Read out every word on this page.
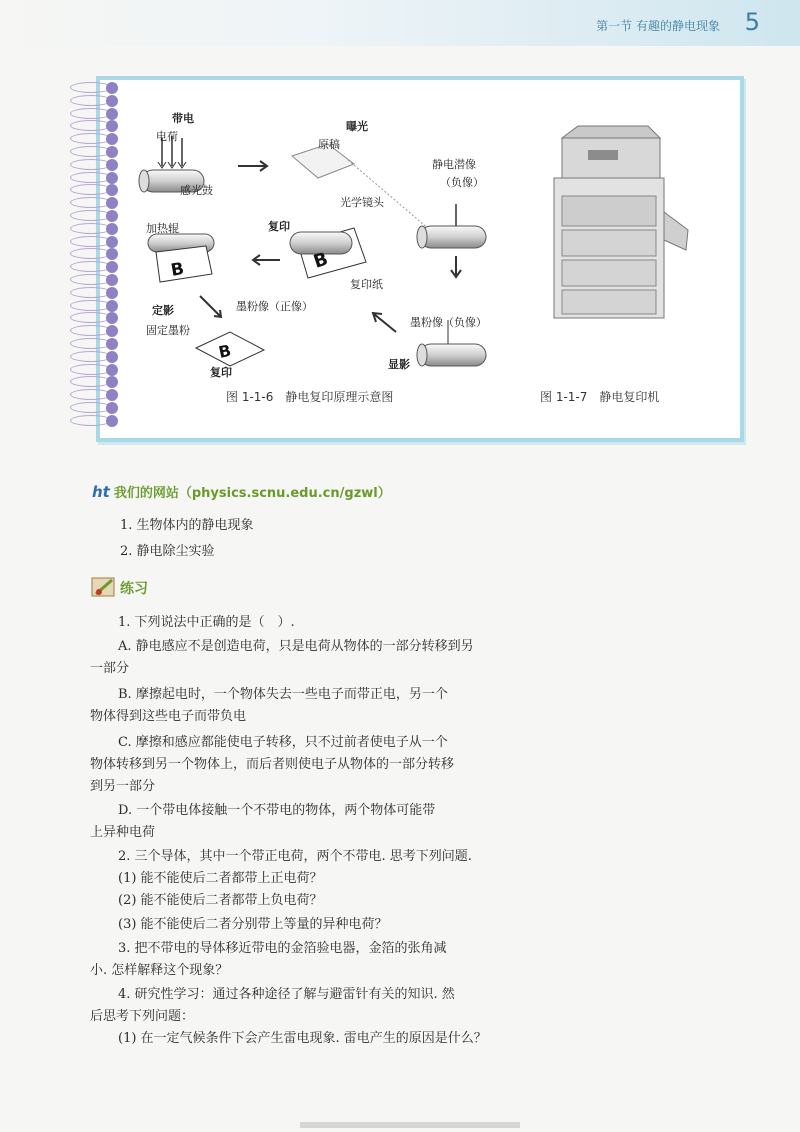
第一节 有趣的静电现象 5
B
B
B
带电
电荷
感光鼓
曝光
原稿
光学镜头
静电潜像
（负像）
复印
加热辊
复印纸
墨粉像（正像）
定影
固定墨粉
墨粉像（负像）
显影
复印
图 1-1-6　静电复印原理示意图	图 1-1-7　静电复印机
ht 我们的网站（physics.scnu.edu.cn/gzwl）
1. 生物体内的静电现象
2. 静电除尘实验
练习
1. 下列说法中正确的是（　）.
A. 静电感应不是创造电荷，只是电荷从物体的一部分转移到另
一部分
B. 摩擦起电时，一个物体失去一些电子而带正电，另一个
物体得到这些电子而带负电
C. 摩擦和感应都能使电子转移，只不过前者使电子从一个
物体转移到另一个物体上，而后者则使电子从物体的一部分转移
到另一部分
D. 一个带电体接触一个不带电的物体，两个物体可能带
上异种电荷
2. 三个导体，其中一个带正电荷，两个不带电. 思考下列问题.
(1) 能不能使后二者都带上正电荷？
(2) 能不能使后二者都带上负电荷？
(3) 能不能使后二者分别带上等量的异种电荷？
3. 把不带电的导体移近带电的金箔验电器，金箔的张角减
小. 怎样解释这个现象？
4. 研究性学习：通过各种途径了解与避雷针有关的知识. 然
后思考下列问题：
(1) 在一定气候条件下会产生雷电现象. 雷电产生的原因是什么？
